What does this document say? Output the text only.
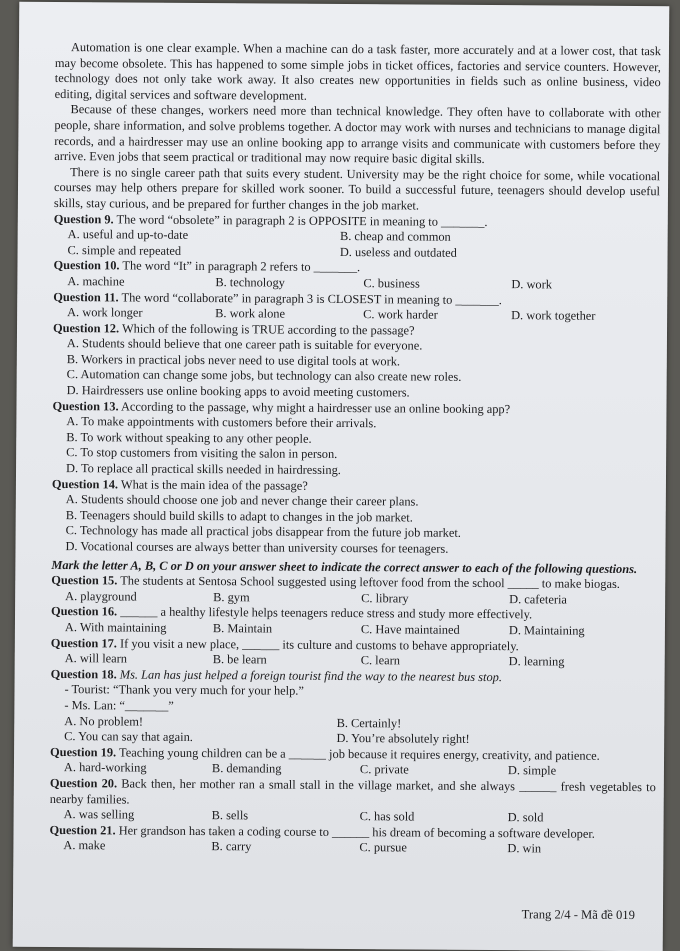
Automation is one clear example. When a machine can do a task faster, more accurately and at a lower cost, that task may become obsolete. This has happened to some simple jobs in ticket offices, factories and service counters. However, technology does not only take work away. It also creates new opportunities in fields such as online business, video editing, digital services and software development.

Because of these changes, workers need more than technical knowledge. They often have to collaborate with other people, share information, and solve problems together. A doctor may work with nurses and technicians to manage digital records, and a hairdresser may use an online booking app to arrange visits and communicate with customers before they arrive. Even jobs that seem practical or traditional may now require basic digital skills.

There is no single career path that suits every student. University may be the right choice for some, while vocational courses may help others prepare for skilled work sooner. To build a successful future, teenagers should develop useful skills, stay curious, and be prepared for further changes in the job market.

Question 9. The word “obsolete” in paragraph 2 is OPPOSITE in meaning to _______.

A. useful and up-to-date	B. cheap and common
C. simple and repeated	D. useless and outdated

Question 10. The word “It” in paragraph 2 refers to _______.

A. machine	B. technology	C. business	D. work

Question 11. The word “collaborate” in paragraph 3 is CLOSEST in meaning to _______.

A. work longer	B. work alone	C. work harder	D. work together

Question 12. Which of the following is TRUE according to the passage?

A. Students should believe that one career path is suitable for everyone.

B. Workers in practical jobs never need to use digital tools at work.

C. Automation can change some jobs, but technology can also create new roles.

D. Hairdressers use online booking apps to avoid meeting customers.

Question 13. According to the passage, why might a hairdresser use an online booking app?

A. To make appointments with customers before their arrivals.

B. To work without speaking to any other people.

C. To stop customers from visiting the salon in person.

D. To replace all practical skills needed in hairdressing.

Question 14. What is the main idea of the passage?

A. Students should choose one job and never change their career plans.

B. Teenagers should build skills to adapt to changes in the job market.

C. Technology has made all practical jobs disappear from the future job market.

D. Vocational courses are always better than university courses for teenagers.

Mark the letter A, B, C or D on your answer sheet to indicate the correct answer to each of the following questions.

Question 15. The students at Sentosa School suggested using leftover food from the school _____ to make biogas.

A. playground	B. gym	C. library	D. cafeteria

Question 16. ______ a healthy lifestyle helps teenagers reduce stress and study more effectively.

A. With maintaining	B. Maintain	C. Have maintained	D. Maintaining

Question 17. If you visit a new place, ______ its culture and customs to behave appropriately.

A. will learn	B. be learn	C. learn	D. learning

Question 18. Ms. Lan has just helped a foreign tourist find the way to the nearest bus stop.

- Tourist: “Thank you very much for your help.”

- Ms. Lan: “_______”

A. No problem!	B. Certainly!
C. You can say that again.	D. You’re absolutely right!

Question 19. Teaching young children can be a ______ job because it requires energy, creativity, and patience.

A. hard-working	B. demanding	C. private	D. simple

Question 20. Back then, her mother ran a small stall in the village market, and she always ______ fresh vegetables to nearby families.

A. was selling	B. sells	C. has sold	D. sold

Question 21. Her grandson has taken a coding course to ______ his dream of becoming a software developer.

A. make	B. carry	C. pursue	D. win
Trang 2/4 - Mã đề 019
